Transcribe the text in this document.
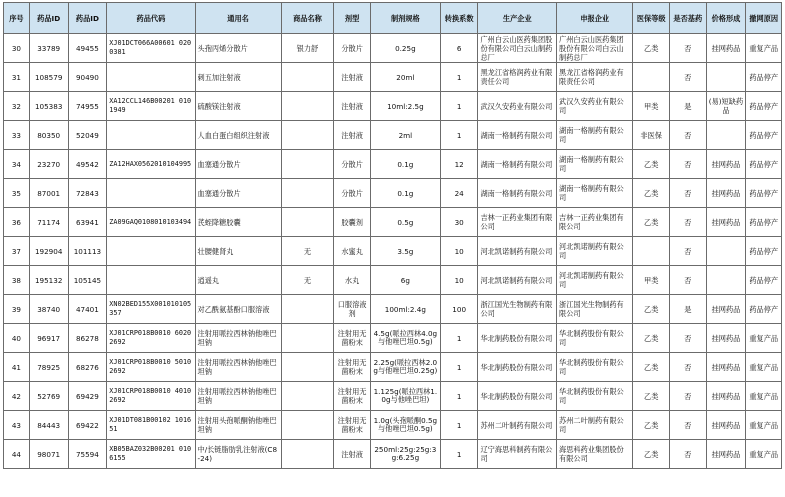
序号	药品ID	药品ID	药品代码	通用名	商品名称	剂型	制剂规格	转换系数	生产企业	申报企业	医保等级	是否基药	价格形成	撤网原因
30	33789	49455	XJ01DCT066A00601 0200381	头孢丙烯分散片	银力舒	分散片	0.25g	6	广州白云山医药集团股份有限公司白云山制药总厂	广州白云山医药集团股份有限公司白云山制药总厂	乙类	否	挂网药品	重复产品
31	108579	90490		刺五加注射液		注射液	20ml	1	黑龙江省格润药业有限责任公司	黑龙江省格润药业有限责任公司		否		药品停产
32	105383	74955	XA12CCL146B00201 0101949	硫酸镁注射液		注射液	10ml:2.5g	1	武汉久安药业有限公司	武汉久安药业有限公司	甲类	是	(易)短缺药品	药品停产
33	80350	52049		人血白蛋白组织注射液		注射液	2ml	1	湖南一格制药有限公司	湖南一格制药有限公司	非医保	否		药品停产
34	23270	49542	ZA12HAX0562010104995	血塞通分散片		分散片	0.1g	12	湖南一格制药有限公司	湖南一格制药有限公司	乙类	否	挂网药品	药品停产
35	87001	72843		血塞通分散片		分散片	0.1g	24	湖南一格制药有限公司	湖南一格制药有限公司	乙类	否	挂网药品	药品停产
36	71174	63941	ZA09GAQ0108010103494	芪蛭降糖胶囊		胶囊剂	0.5g	30	吉林一正药业集团有限公司	吉林一正药业集团有限公司	乙类	否	挂网药品	药品停产
37	192904	101113		壮腰健肾丸	无	水蜜丸	3.5g	10	河北凯诺制药有限公司	河北凯诺制药有限公司		否		药品停产
38	195132	105145		逍遥丸	无	水丸	6g	10	河北凯诺制药有限公司	河北凯诺制药有限公司	甲类	否		药品停产
39	38740	47401	XN02BED155X001010105357	对乙酰氨基酚口服溶液		口服溶液剂	100ml:2.4g	100	浙江国光生物制药有限公司	浙江国光生物制药有限公司	乙类	是	挂网药品	药品停产
40	96917	86278	XJ01CRP018B0010 60202692	注射用哌拉西林钠他唑巴坦钠		注射用无菌粉末	4.5g(哌拉西林4.0g与他唑巴坦0.5g)	1	华北制药股份有限公司	华北制药股份有限公司	乙类	否	挂网药品	重复产品
41	78925	68276	XJ01CRP018B0010 50102692	注射用哌拉西林钠他唑巴坦钠		注射用无菌粉末	2.25g(哌拉西林2.0g与他唑巴坦0.25g)	1	华北制药股份有限公司	华北制药股份有限公司	乙类	否	挂网药品	重复产品
42	52769	69429	XJ01CRP018B0010 40102692	注射用哌拉西林钠他唑巴坦钠		注射用无菌粉末	1.125g(哌拉西林1.0g与他唑巴坦)	1	华北制药股份有限公司	华北制药股份有限公司	乙类	否	挂网药品	重复产品
43	84443	69422	XJ01DT081B00102 101651	注射用头孢哌酮钠他唑巴坦钠		注射用无菌粉末	1.0g(头孢哌酮0.5g与他唑巴坦0.5g)	1	苏州二叶制药有限公司	苏州二叶制药有限公司	乙类	否	挂网药品	重复产品
44	98071	75594	XB05BAZ032B00201 0106155	中/长链脂肪乳注射液(C8-24)		注射液	250ml:25g:25g:3g:6.25g	1	辽宁海思科制药有限公司	海思科药业集团股份有限公司	乙类	否	挂网药品	重复产品
